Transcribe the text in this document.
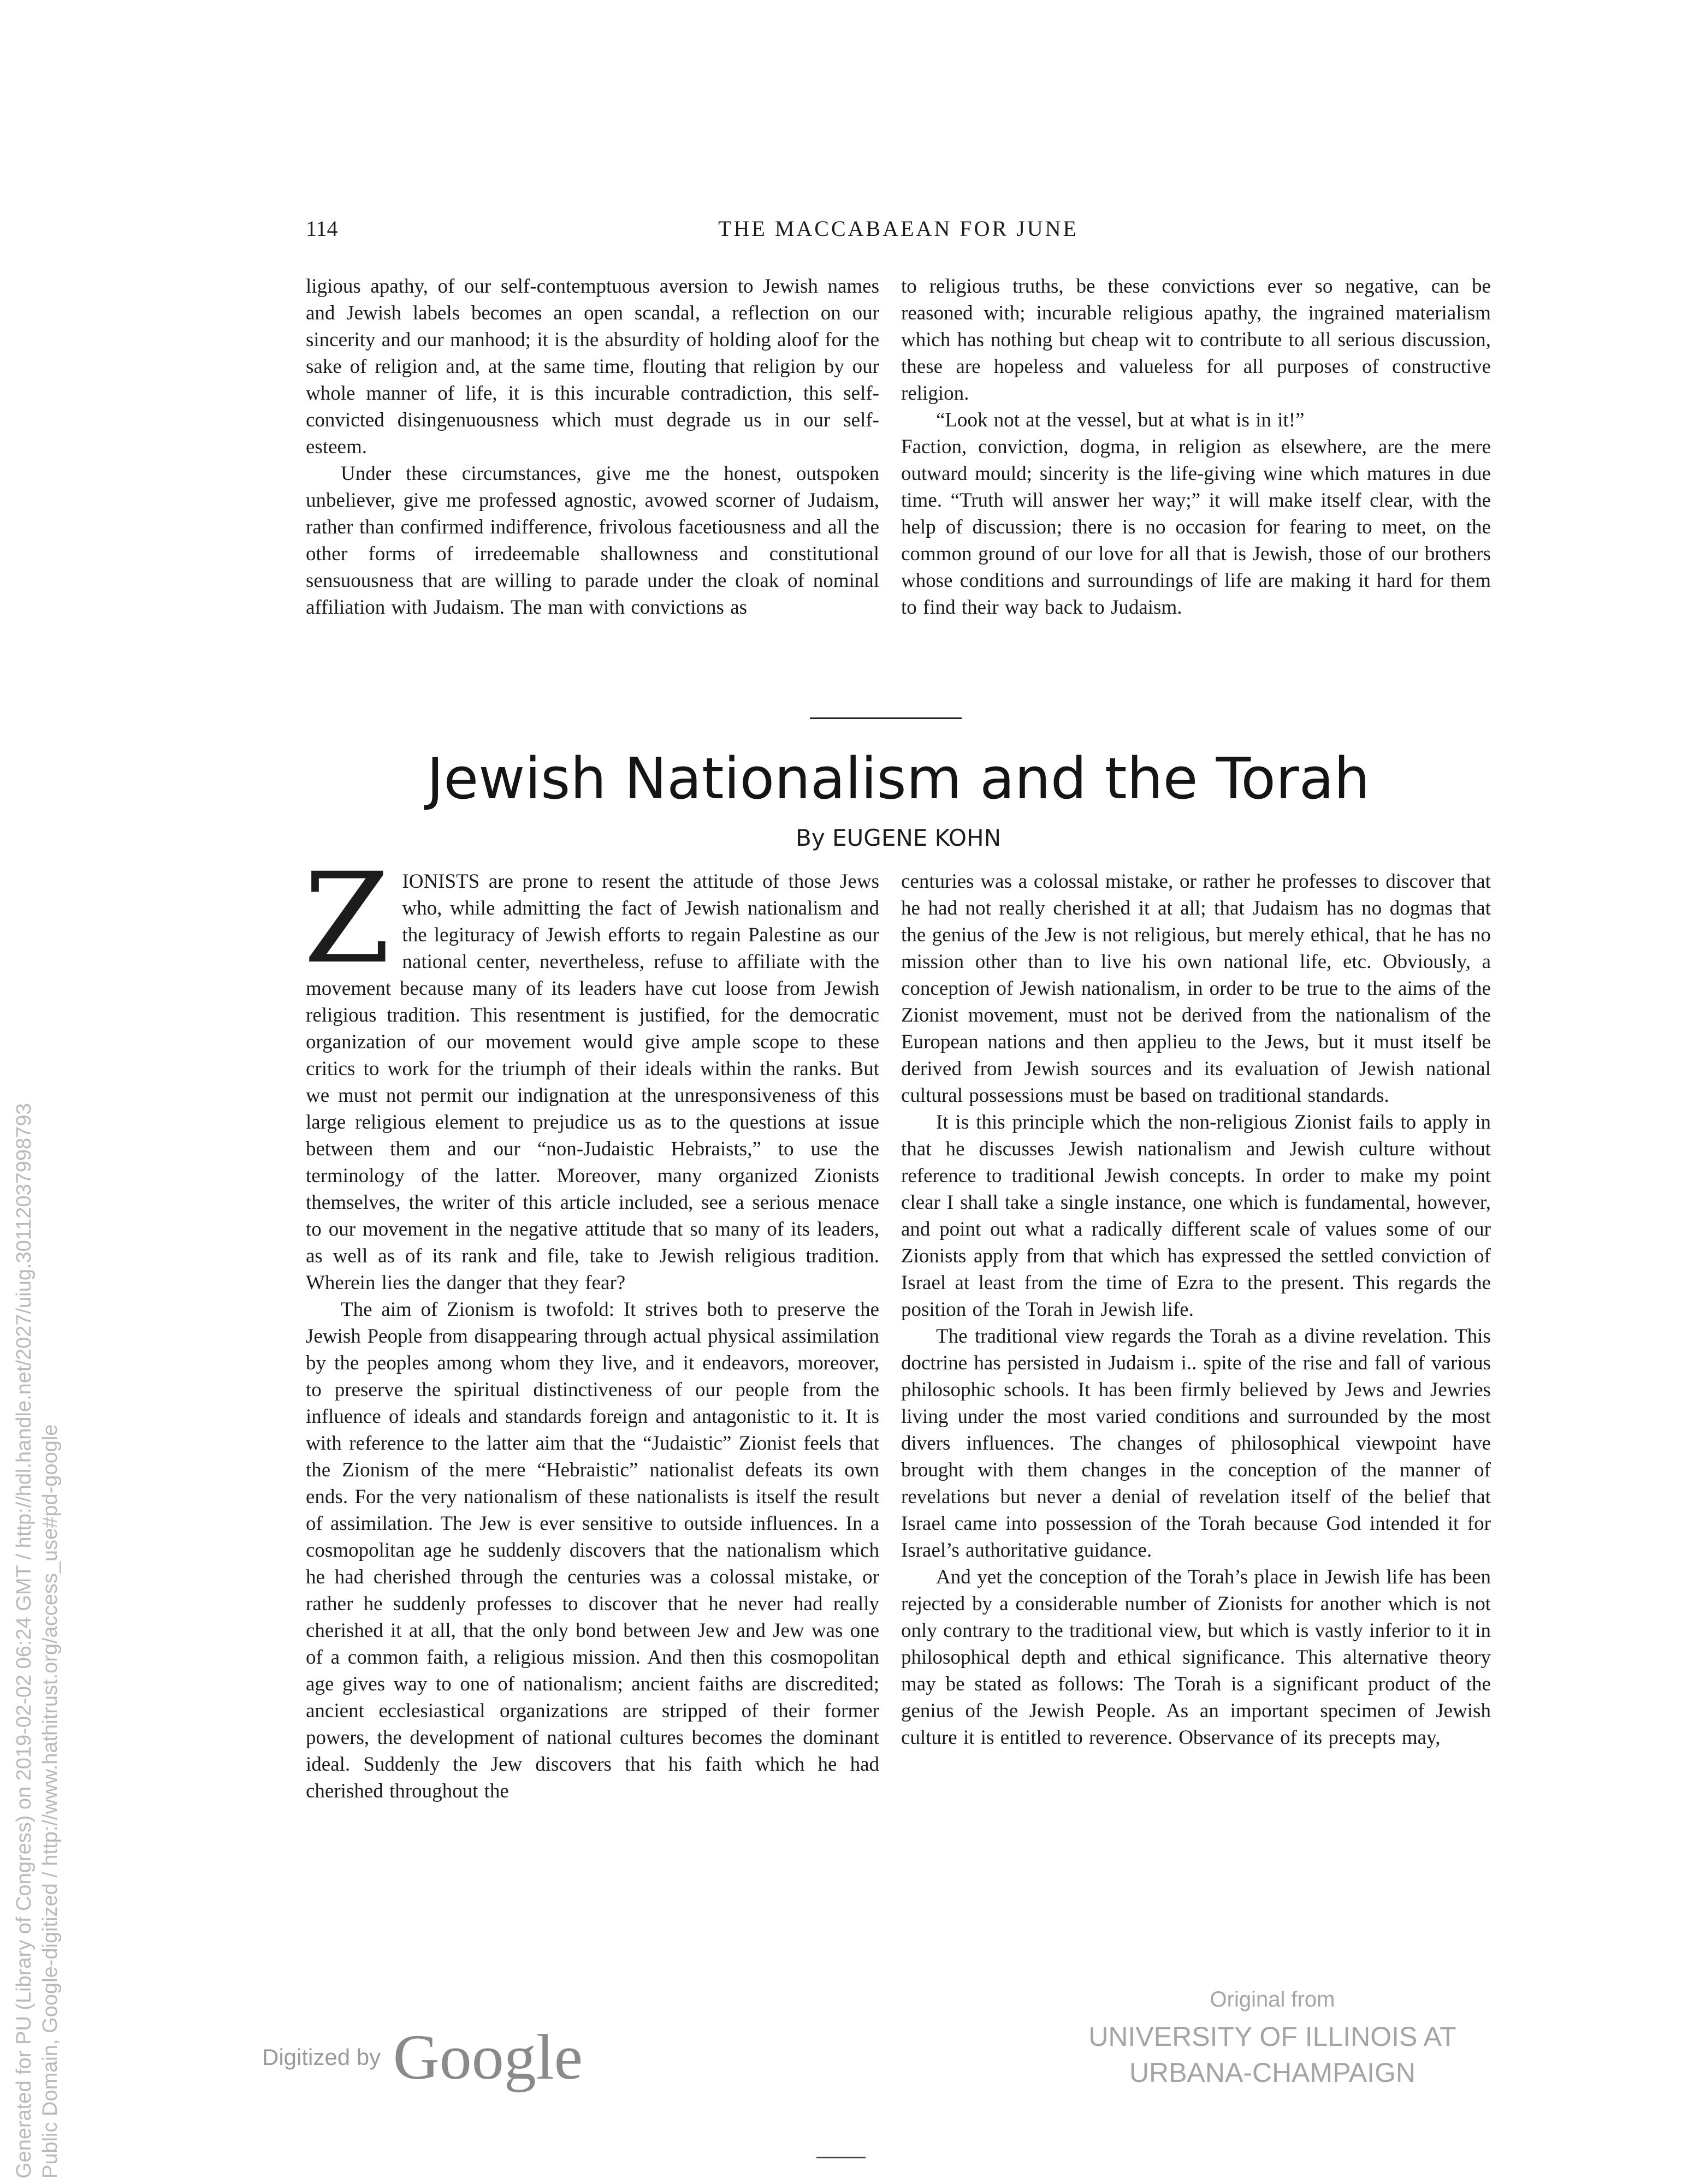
114	THE MACCABAEAN FOR JUNE

ligious apathy, of our self-contemptuous aversion to Jewish names and Jewish labels becomes an open scandal, a reflection on our sincerity and our manhood; it is the absurdity of holding aloof for the sake of religion and, at the same time, flouting that religion by our whole manner of life, it is this incurable contradiction, this self-convicted disingenuousness which must degrade us in our self-esteem.

Under these circumstances, give me the honest, outspoken unbeliever, give me professed agnostic, avowed scorner of Judaism, rather than confirmed indifference, frivolous facetiousness and all the other forms of irredeemable shallowness and constitutional sensuousness that are willing to parade under the cloak of nominal affiliation with Judaism. The man with convictions as

to religious truths, be these convictions ever so negative, can be reasoned with; incurable religious apathy, the ingrained materialism which has nothing but cheap wit to contribute to all serious discussion, these are hopeless and valueless for all purposes of constructive religion.

“Look not at the vessel, but at what is in it!”

Faction, conviction, dogma, in religion as elsewhere, are the mere outward mould; sincerity is the life-giving wine which matures in due time. “Truth will answer her way;” it will make itself clear, with the help of discussion; there is no occasion for fearing to meet, on the common ground of our love for all that is Jewish, those of our brothers whose conditions and surroundings of life are making it hard for them to find their way back to Judaism.

Jewish Nationalism and the Torah
By EUGENE KOHN

ZIONISTS are prone to resent the attitude of those Jews who, while admitting the fact of Jewish nationalism and the legituracy of Jewish efforts to regain Palestine as our national center, nevertheless, refuse to affiliate with the movement because many of its leaders have cut loose from Jewish religious tradition. This resentment is justified, for the democratic organization of our movement would give ample scope to these critics to work for the triumph of their ideals within the ranks. But we must not permit our indignation at the unresponsiveness of this large religious element to prejudice us as to the questions at issue between them and our “non-Judaistic Hebraists,” to use the terminology of the latter. Moreover, many organized Zionists themselves, the writer of this article included, see a serious menace to our movement in the negative attitude that so many of its leaders, as well as of its rank and file, take to Jewish religious tradition. Wherein lies the danger that they fear?

The aim of Zionism is twofold: It strives both to preserve the Jewish People from disappearing through actual physical assimilation by the peoples among whom they live, and it endeavors, moreover, to preserve the spiritual distinctiveness of our people from the influence of ideals and standards foreign and antagonistic to it. It is with reference to the latter aim that the “Judaistic” Zionist feels that the Zionism of the mere “Hebraistic” nationalist defeats its own ends. For the very nationalism of these nationalists is itself the result of assimilation. The Jew is ever sensitive to outside influences. In a cosmopolitan age he suddenly discovers that the nationalism which he had cherished through the centuries was a colossal mistake, or rather he suddenly professes to discover that he never had really cherished it at all, that the only bond between Jew and Jew was one of a common faith, a religious mission. And then this cosmopolitan age gives way to one of nationalism; ancient faiths are discredited; ancient ecclesiastical organizations are stripped of their former powers, the development of national cultures becomes the dominant ideal. Suddenly the Jew discovers that his faith which he had cherished throughout the

centuries was a colossal mistake, or rather he professes to discover that he had not really cherished it at all; that Judaism has no dogmas that the genius of the Jew is not religious, but merely ethical, that he has no mission other than to live his own national life, etc. Obviously, a conception of Jewish nationalism, in order to be true to the aims of the Zionist movement, must not be derived from the nationalism of the European nations and then applieu to the Jews, but it must itself be derived from Jewish sources and its evaluation of Jewish national cultural possessions must be based on traditional standards.

It is this principle which the non-religious Zionist fails to apply in that he discusses Jewish nationalism and Jewish culture without reference to traditional Jewish concepts. In order to make my point clear I shall take a single instance, one which is fundamental, however, and point out what a radically different scale of values some of our Zionists apply from that which has expressed the settled conviction of Israel at least from the time of Ezra to the present. This regards the position of the Torah in Jewish life.

The traditional view regards the Torah as a divine revelation. This doctrine has persisted in Judaism i.. spite of the rise and fall of various philosophic schools. It has been firmly believed by Jews and Jewries living under the most varied conditions and surrounded by the most divers influences. The changes of philosophical viewpoint have brought with them changes in the conception of the manner of revelations but never a denial of revelation itself of the belief that Israel came into possession of the Torah because God intended it for Israel’s authoritative guidance.

And yet the conception of the Torah’s place in Jewish life has been rejected by a considerable number of Zionists for another which is not only contrary to the traditional view, but which is vastly inferior to it in philosophical depth and ethical significance. This alternative theory may be stated as follows: The Torah is a significant product of the genius of the Jewish People. As an important specimen of Jewish culture it is entitled to reverence. Observance of its precepts may,

Digitized by Google
Original from
UNIVERSITY OF ILLINOIS AT
URBANA-CHAMPAIGN
Generated for PU (Library of Congress) on 2019-02-02 06:24 GMT / http://hdl.handle.net/2027/uiug.30112037998793 Public Domain, Google-digitized / http://www.hathitrust.org/access_use#pd-google
